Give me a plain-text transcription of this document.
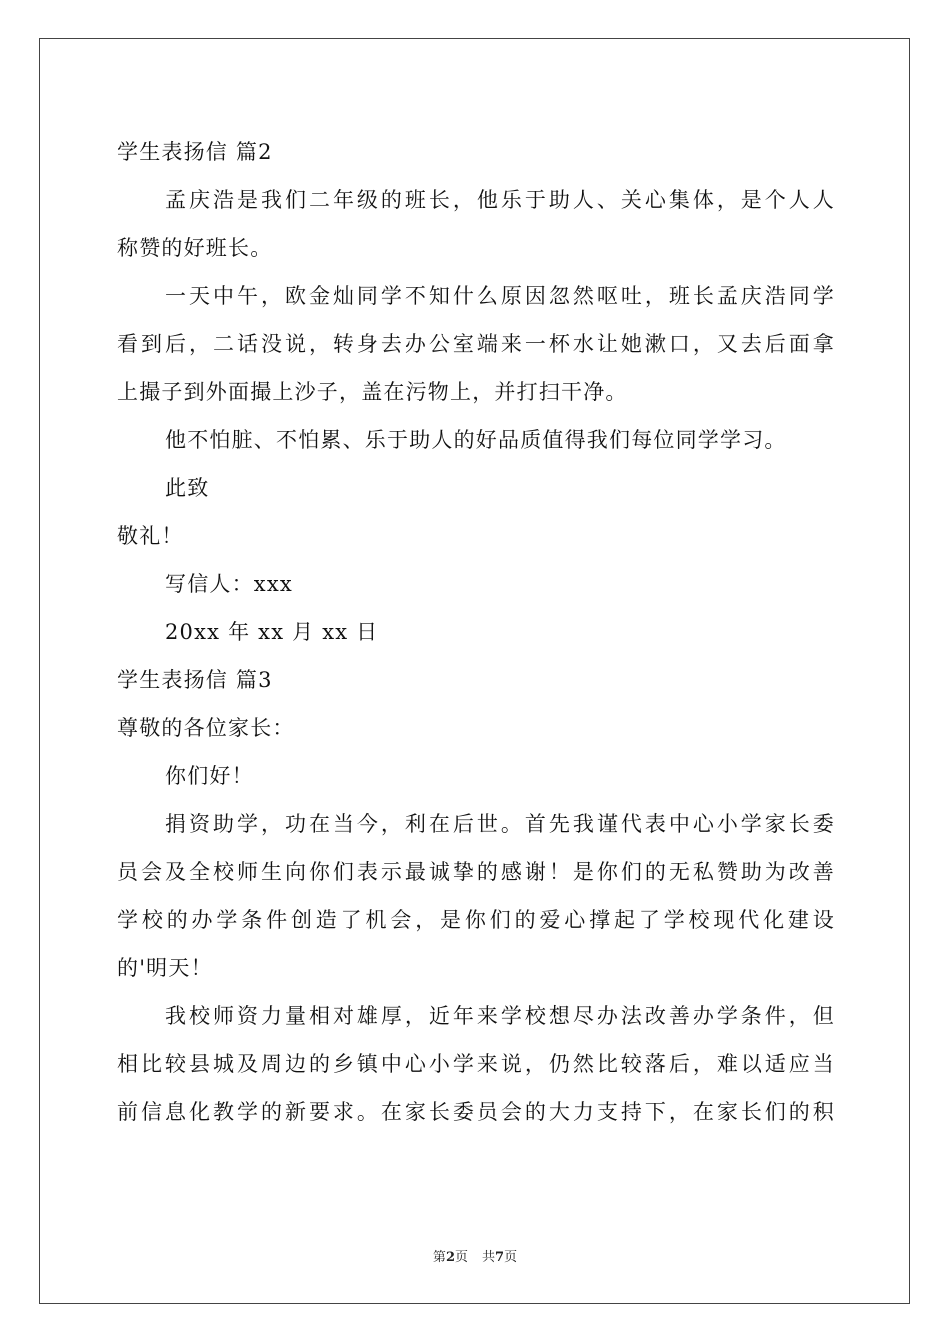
学生表扬信 篇2

孟庆浩是我们二年级的班长，他乐于助人、关心集体，是个人人

称赞的好班长。

一天中午，欧金灿同学不知什么原因忽然呕吐，班长孟庆浩同学

看到后，二话没说，转身去办公室端来一杯水让她漱口，又去后面拿

上撮子到外面撮上沙子，盖在污物上，并打扫干净。

他不怕脏、不怕累、乐于助人的好品质值得我们每位同学学习。

此致

敬礼！

写信人：xxx

20xx 年 xx 月 xx 日

学生表扬信 篇3

尊敬的各位家长：

你们好！

捐资助学，功在当今，利在后世。首先我谨代表中心小学家长委

员会及全校师生向你们表示最诚挚的感谢！是你们的无私赞助为改善

学校的办学条件创造了机会，是你们的爱心撑起了学校现代化建设

的'明天！

我校师资力量相对雄厚，近年来学校想尽办法改善办学条件，但

相比较县城及周边的乡镇中心小学来说，仍然比较落后，难以适应当

前信息化教学的新要求。在家长委员会的大力支持下，在家长们的积

第2页 共7页
